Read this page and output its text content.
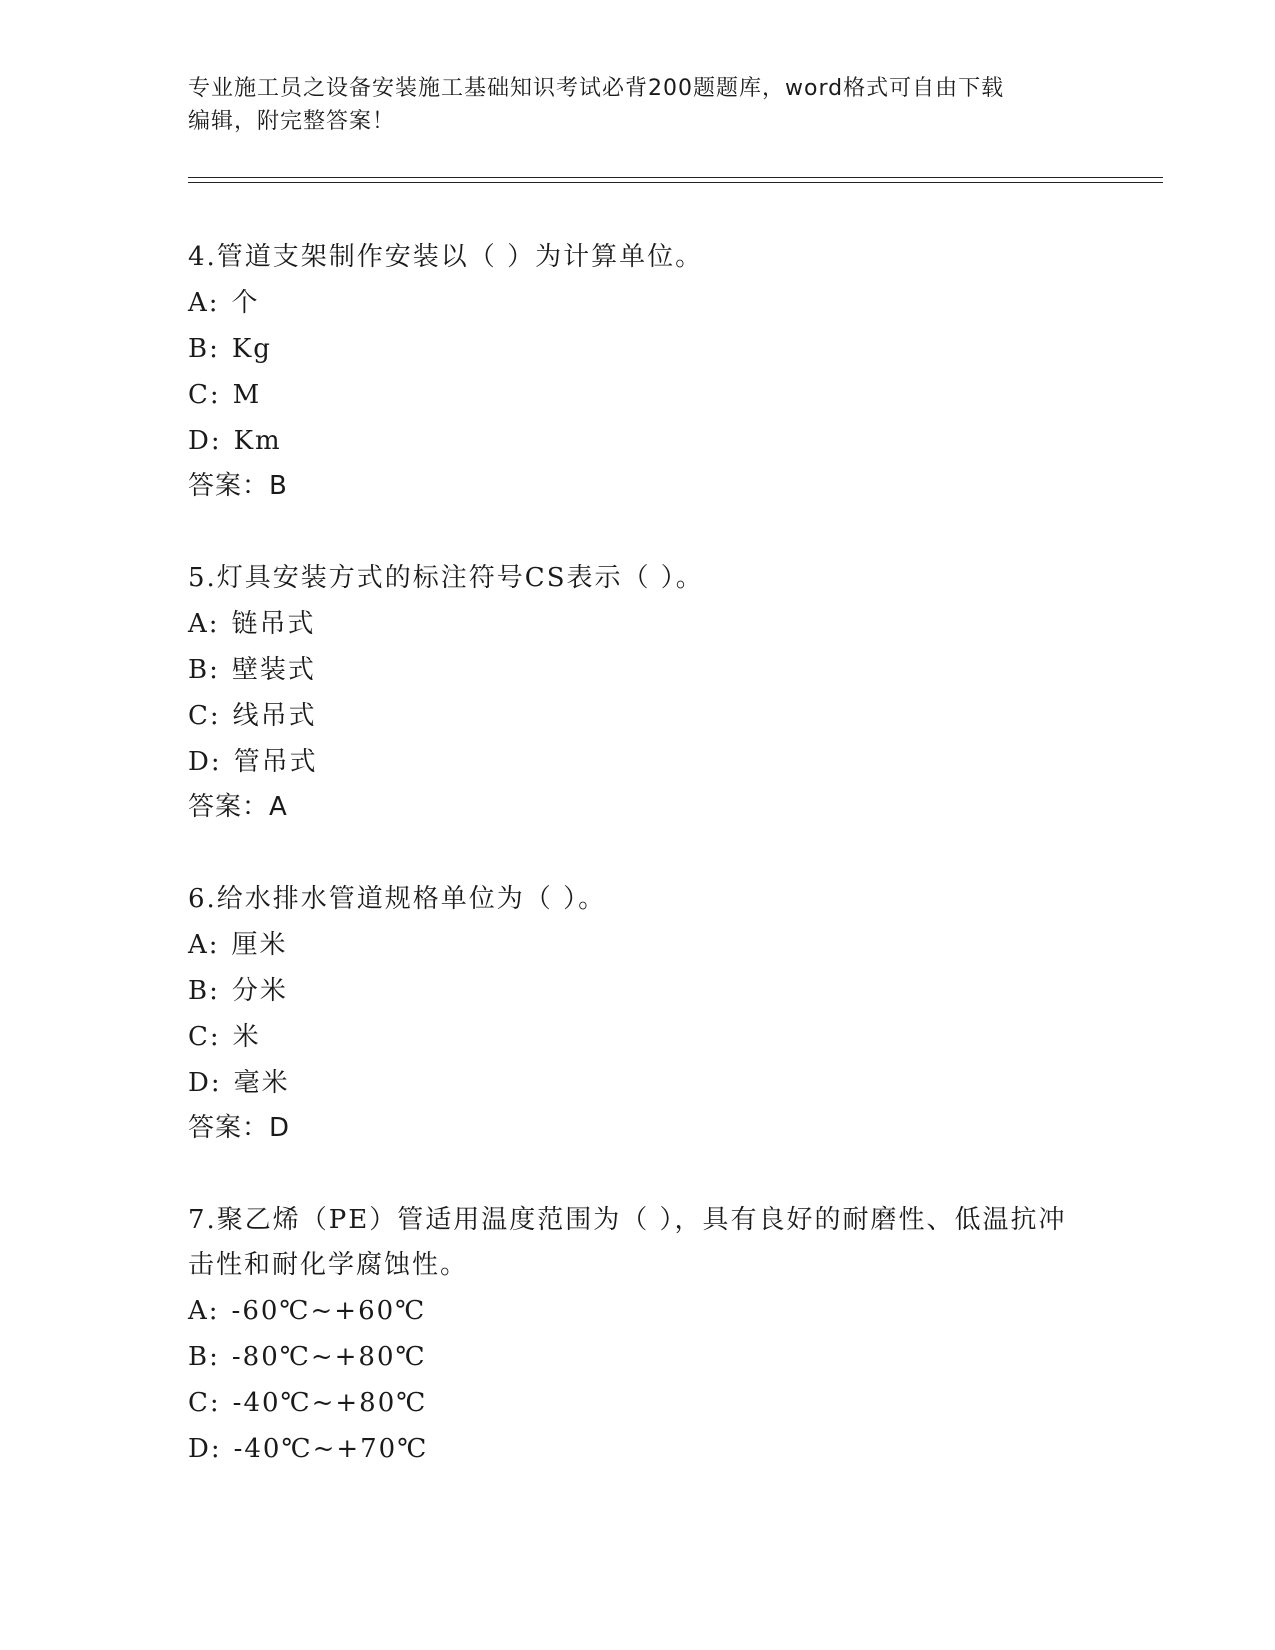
专业施工员之设备安装施工基础知识考试必背200题题库，word格式可自由下载
编辑，附完整答案！

4.管道支架制作安装以（ ）为计算单位。

A: 个

B: Kg

C: M

D: Km

答案：B

5.灯具安装方式的标注符号CS表示（ ）。

A: 链吊式

B: 壁装式

C: 线吊式

D: 管吊式

答案：A

6.给水排水管道规格单位为（ ）。

A: 厘米

B: 分米

C: 米

D: 毫米

答案：D

7.聚乙烯（PE）管适用温度范围为（ ），具有良好的耐磨性、低温抗冲击性和耐化学腐蚀性。

A: -60℃~+60℃

B: -80℃~+80℃

C: -40℃~+80℃

D: -40℃~+70℃
